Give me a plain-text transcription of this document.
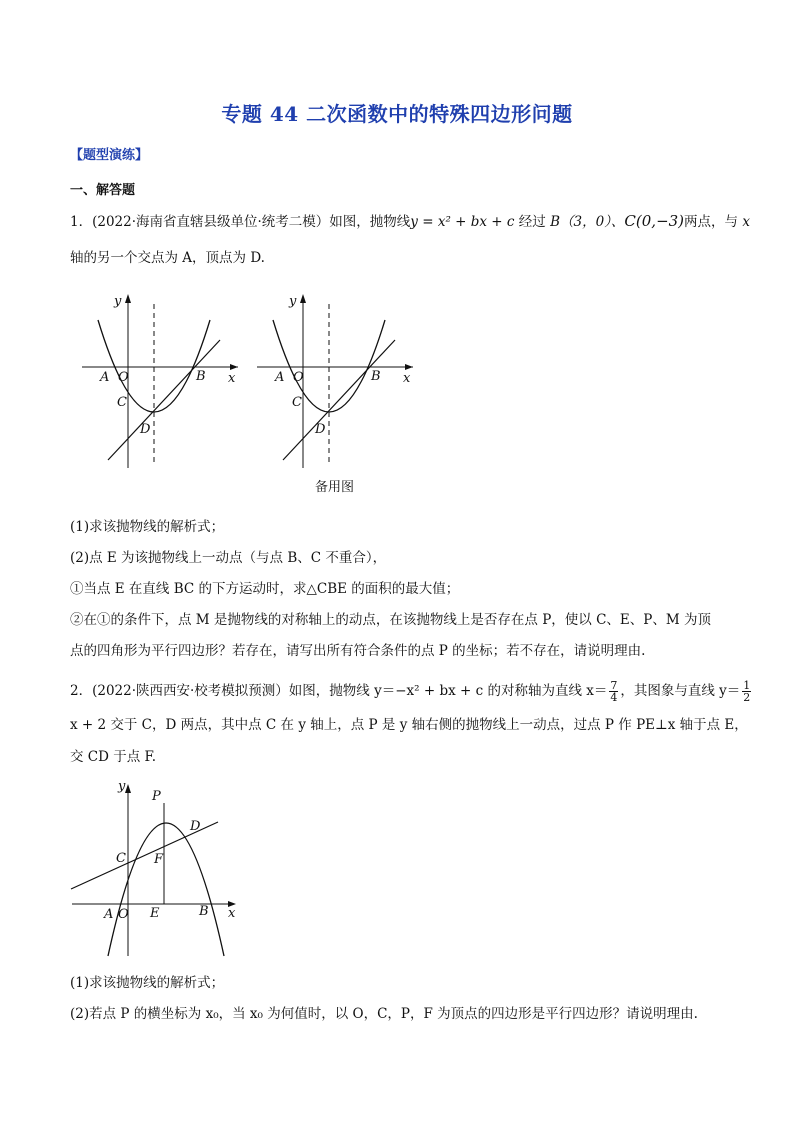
专题 44 二次函数中的特殊四边形问题
【题型演练】
一、解答题
1．(2022·海南省直辖县级单位·统考二模）如图，抛物线y = x² + bx + c 经过 B（3，0）、C(0,−3)两点，与 x
轴的另一个交点为 A，顶点为 D.
y
x
A O	B
C
D
y
x
A O	B
C
D
备用图
(1)求该抛物线的解析式；
(2)点 E 为该抛物线上一动点（与点 B、C 不重合），
①当点 E 在直线 BC 的下方运动时，求△CBE 的面积的最大值；
②在①的条件下，点 M 是抛物线的对称轴上的动点，在该抛物线上是否存在点 P，使以 C、E、P、M 为顶
点的四角形为平行四边形？若存在，请写出所有符合条件的点 P 的坐标；若不存在，请说明理由.
2．(2022·陕西西安·校考模拟预测）如图，抛物线 y＝−x² + bx + c 的对称轴为直线 $x= \frac{7}{4}$ ，其图象与直线 $y= \frac{1}{2}$
x + 2 交于 C，D 两点，其中点 C 在 y 轴上，点 P 是 y 轴右侧的抛物线上一动点，过点 P 作 PE⊥x 轴于点 E，
交 CD 于点 F.
y
x
A O E	B
C F
P
D
(1)求该抛物线的解析式；
(2)若点 P 的横坐标为 x₀，当 x₀ 为何值时，以 O，C，P，F 为顶点的四边形是平行四边形？请说明理由.
